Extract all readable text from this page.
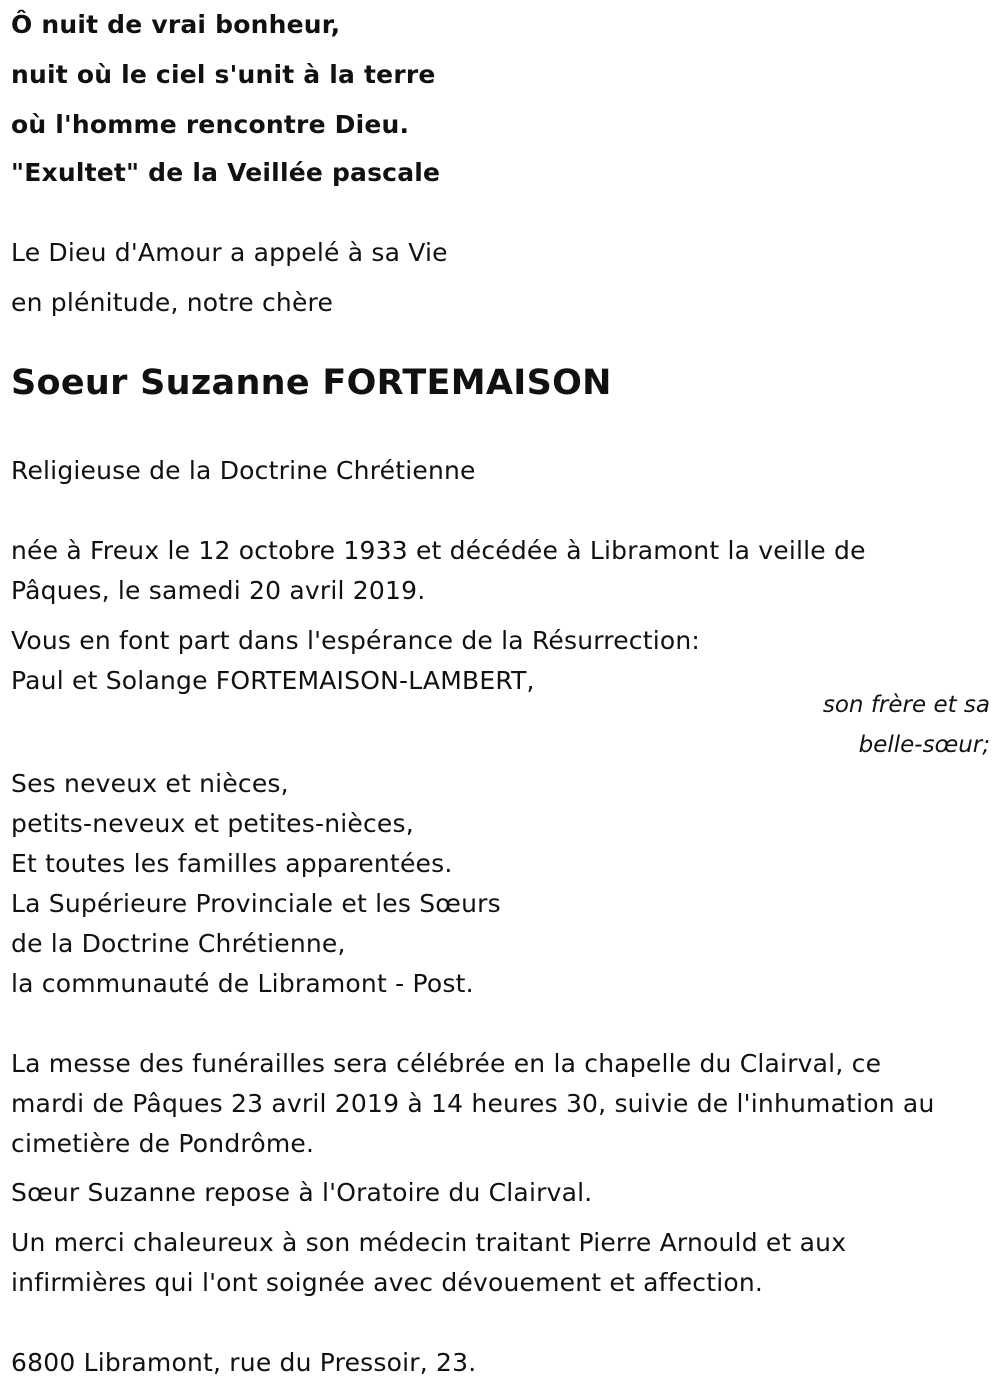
Ô nuit de vrai bonheur,
nuit où le ciel s'unit à la terre
où l'homme rencontre Dieu.
"Exultet" de la Veillée pascale
Le Dieu d'Amour a appelé à sa Vie
en plénitude, notre chère
Soeur Suzanne FORTEMAISON
Religieuse de la Doctrine Chrétienne
née à Freux le 12 octobre 1933 et décédée à Libramont la veille de
Pâques, le samedi 20 avril 2019.
Vous en font part dans l'espérance de la Résurrection:
Paul et Solange FORTEMAISON-LAMBERT,
son frère et sa
belle-sœur;
Ses neveux et nièces,
petits-neveux et petites-nièces,
Et toutes les familles apparentées.
La Supérieure Provinciale et les Sœurs
de la Doctrine Chrétienne,
la communauté de Libramont - Post.
La messe des funérailles sera célébrée en la chapelle du Clairval, ce
mardi de Pâques 23 avril 2019 à 14 heures 30, suivie de l'inhumation au
cimetière de Pondrôme.
Sœur Suzanne repose à l'Oratoire du Clairval.
Un merci chaleureux à son médecin traitant Pierre Arnould et aux
infirmières qui l'ont soignée avec dévouement et affection.
6800 Libramont, rue du Pressoir, 23.
